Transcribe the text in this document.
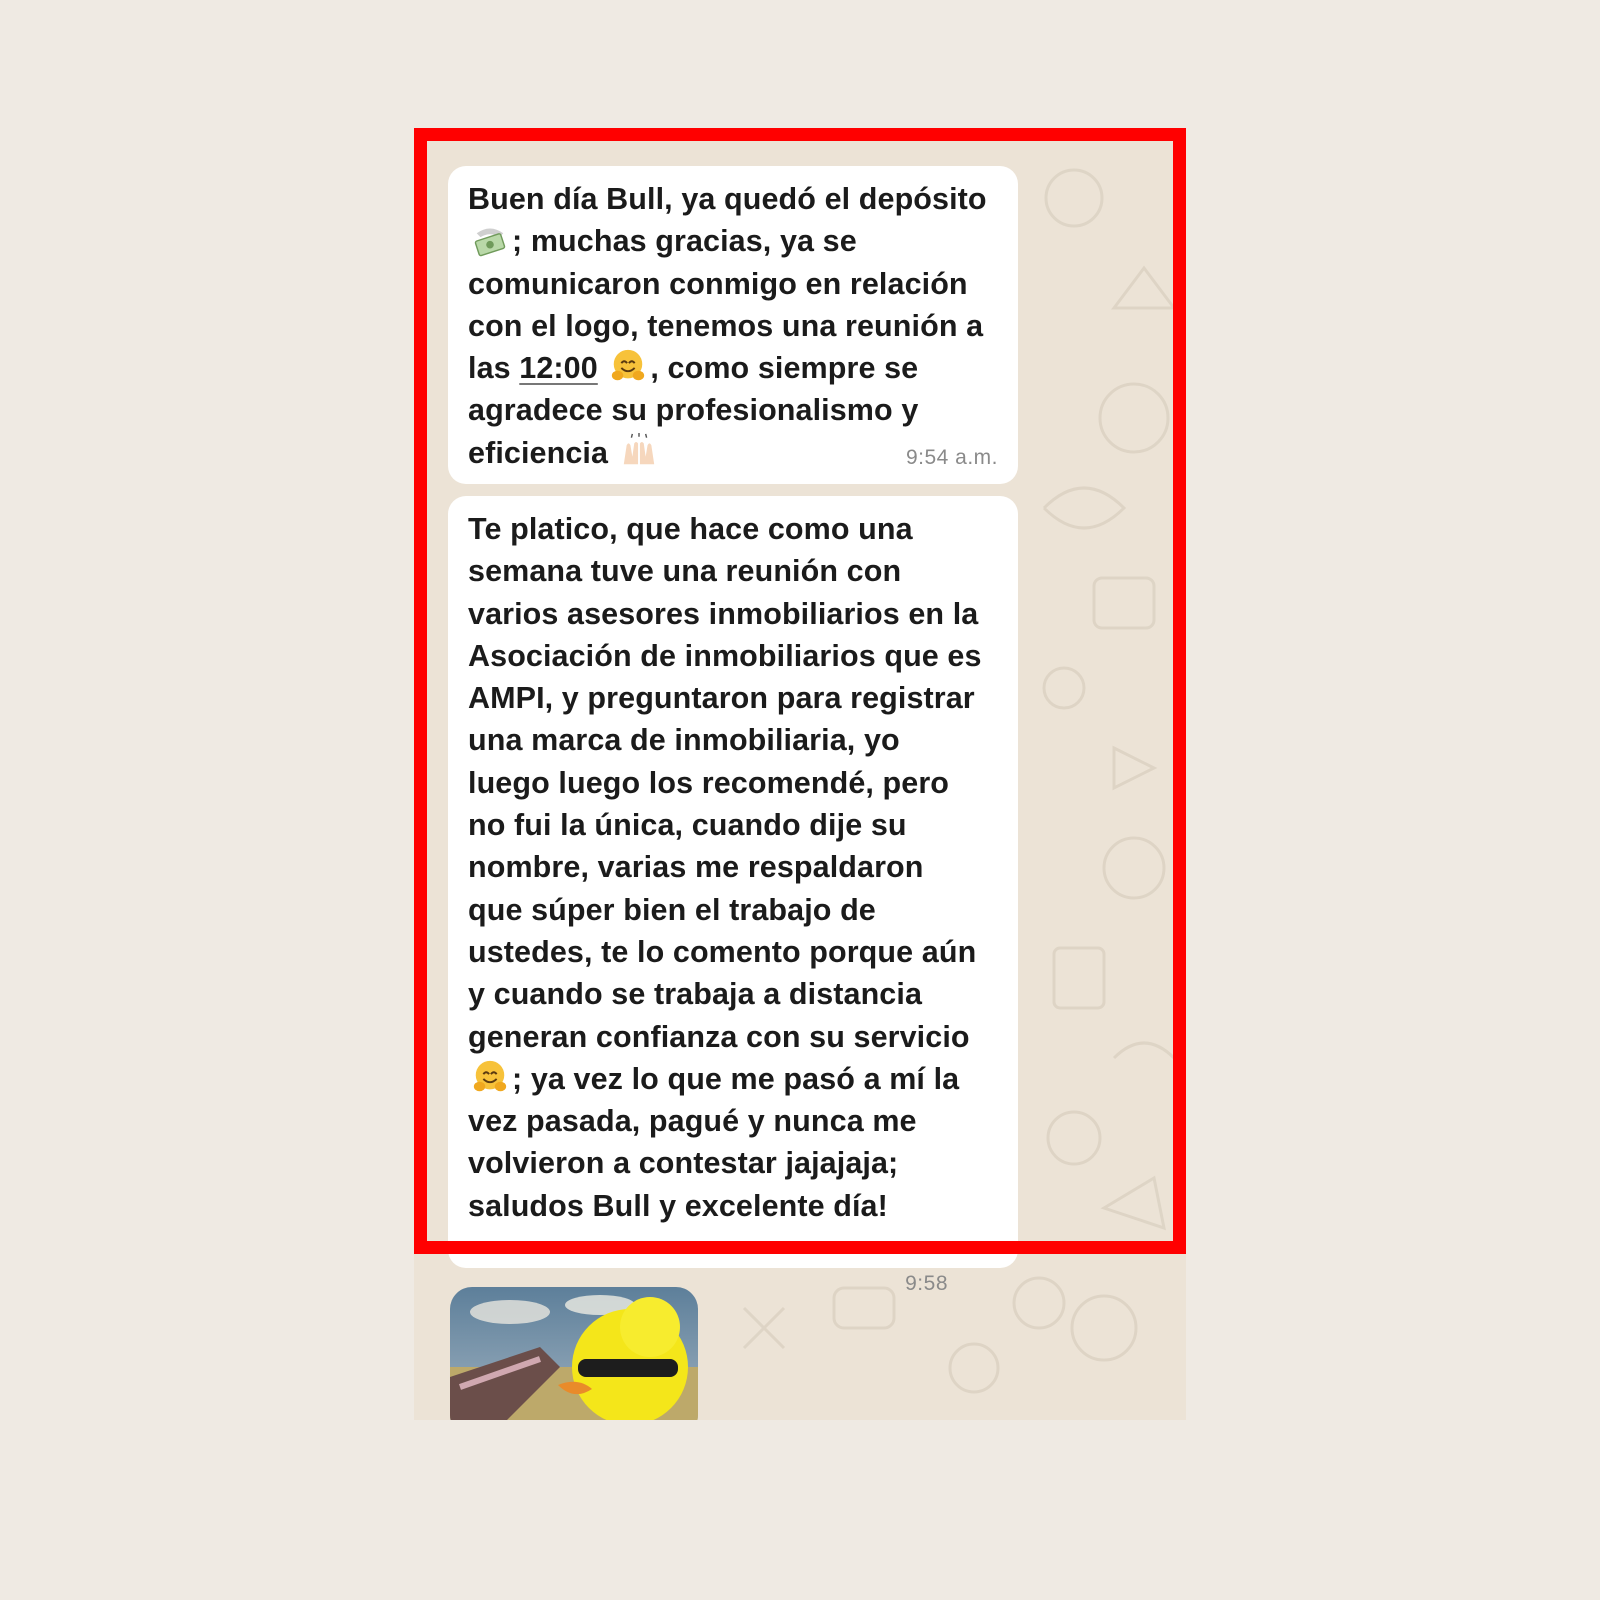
Buen día Bull, ya quedó el depósito
; muchas gracias, ya se
comunicaron conmigo en relación
con el logo, tenemos una reunión a
las 12:00 , como siempre se
agradece su profesionalismo y
eficiencia	9:54 a.m.
Te platico, que hace como una
semana tuve una reunión con
varios asesores inmobiliarios en la
Asociación de inmobiliarios que es
AMPI, y preguntaron para registrar
una marca de inmobiliaria, yo
luego luego los recomendé, pero
no fui la única, cuando dije su
nombre, varias me respaldaron
que súper bien el trabajo de
ustedes, te lo comento porque aún
y cuando se trabaja a distancia
generan confianza con su servicio
; ya vez lo que me pasó a mí la
vez pasada, pagué y nunca me
volvieron a contestar jajajaja;
saludos Bull y excelente día!
9:58
